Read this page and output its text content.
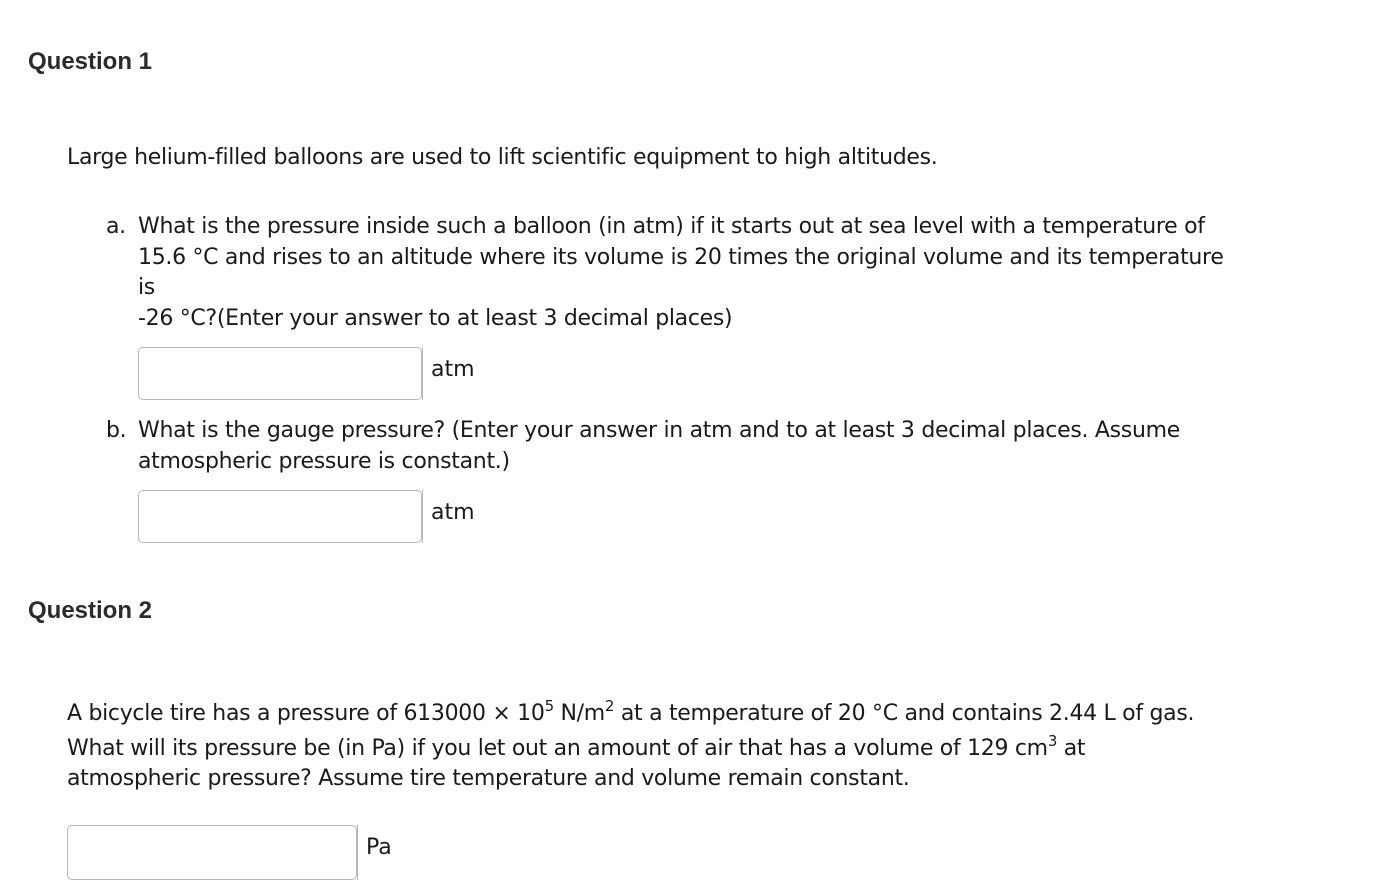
Question 1

Large helium-filled balloons are used to lift scientific equipment to high altitudes.

a. What is the pressure inside such a balloon (in atm) if it starts out at sea level with a temperature of
15.6 °C and rises to an altitude where its volume is 20 times the original volume and its temperature
is
-26 °C?(Enter your answer to at least 3 decimal places)
atm
b. What is the gauge pressure? (Enter your answer in atm and to at least 3 decimal places. Assume
atmospheric pressure is constant.)
atm
Question 2
A bicycle tire has a pressure of $613000 \times 10^5$ $N/m^2$ at a temperature of 20 °C and contains 2.44 L of gas.
What will its pressure be (in Pa) if you let out an amount of air that has a volume of 129 $cm^3$ at
atmospheric pressure? Assume tire temperature and volume remain constant.
Pa
